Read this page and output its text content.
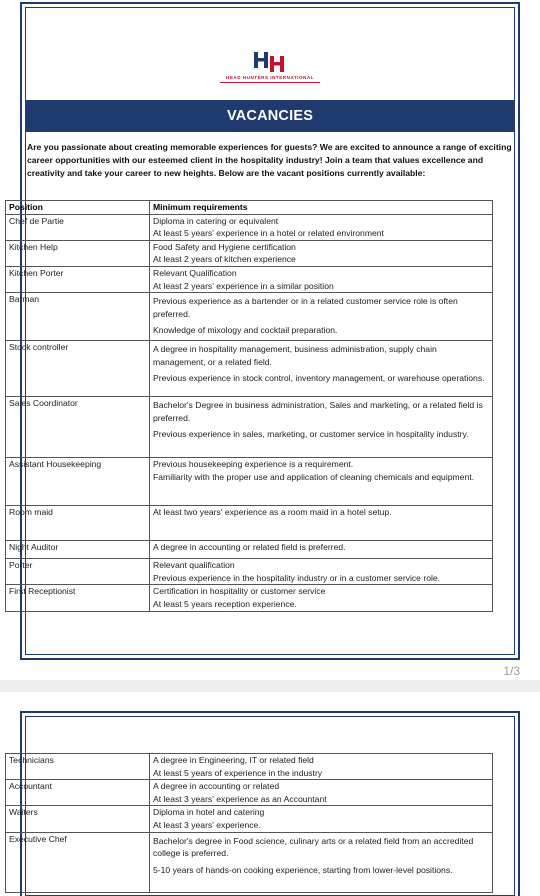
HEAD HUNTERS INTERNATIONAL
VACANCIES
Are you passionate about creating memorable experiences for guests? We are excited to announce a range of exciting career opportunities with our esteemed client in the hospitality industry! Join a team that values excellence and creativity and take your career to new heights. Below are the vacant positions currently available:
Position	Minimum requirements
Chef de Partie	Diploma in catering or equivalent

At least 5 years' experience in a hotel or related environment

Kitchen Help	Food Safety and Hygiene certification

At least 2 years of kitchen experience

Kitchen Porter	Relevant Qualification

At least 2 years' experience in a similar position

Barman	Previous experience as a bartender or in a related customer service role is often preferred.

Knowledge of mixology and cocktail preparation.

Stock controller	A degree in hospitality management, business administration, supply chain management, or a related field.

Previous experience in stock control, inventory management, or warehouse operations.

Sales Coordinator	Bachelor's Degree in business administration, Sales and marketing, or a related field is preferred.

Previous experience in sales, marketing, or customer service in hospitality industry.

Assistant Housekeeping	Previous housekeeping experience is a requirement.

Familiarity with the proper use and application of cleaning chemicals and equipment.

Room maid	At least two years' experience as a room maid in a hotel setup.

Night Auditor	A degree in accounting or related field is preferred.

Porter	Relevant qualification

Previous experience in the hospitality industry or in a customer service role.

First Receptionist	Certification in hospitality or customer service

At least 5 years reception experience.

1/3
Technicians	A degree in Engineering, IT or related field

At least 5 years of experience in the industry

Accountant	A degree in accounting or related

At least 3 years' experience as an Accountant

Waiters	Diploma in hotel and catering

At least 3 years' experience.

Executive Chef	Bachelor's degree in Food science, culinary arts or a related field from an accredited college is preferred.

5-10 years of hands-on cooking experience, starting from lower-level positions.
